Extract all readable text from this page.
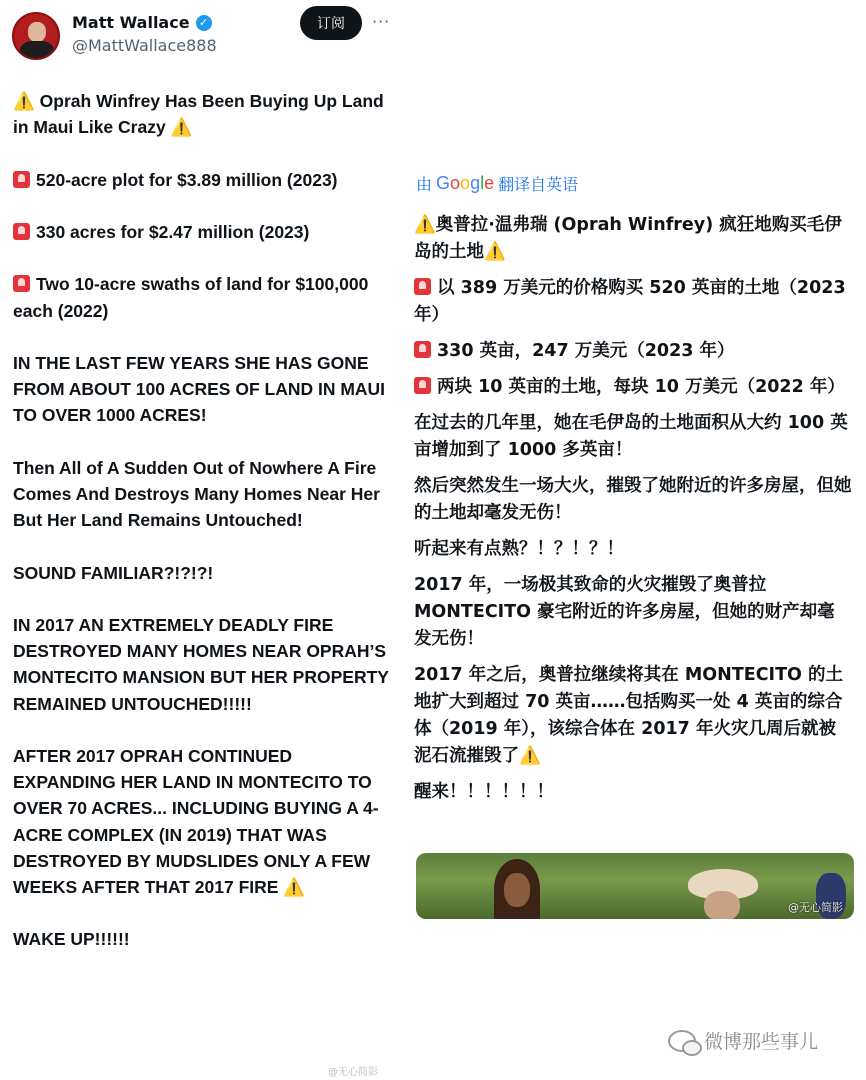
Matt Wallace ✓
@MattWallace888
订阅	···

⚠️ Oprah Winfrey Has Been Buying Up Land in Maui Like Crazy ⚠️

520-acre plot for $3.89 million (2023)

330 acres for $2.47 million (2023)

Two 10-acre swaths of land for $100,000 each (2022)

IN THE LAST FEW YEARS SHE HAS GONE FROM ABOUT 100 ACRES OF LAND IN MAUI TO OVER 1000 ACRES!

Then All of A Sudden Out of Nowhere A Fire Comes And Destroys Many Homes Near Her But Her Land Remains Untouched!

SOUND FAMILIAR?!?!?!

IN 2017 AN EXTREMELY DEADLY FIRE DESTROYED MANY HOMES NEAR OPRAH’S MONTECITO MANSION BUT HER PROPERTY REMAINED UNTOUCHED!!!!!

AFTER 2017 OPRAH CONTINUED EXPANDING HER LAND IN MONTECITO TO OVER 70 ACRES... INCLUDING BUYING A 4-ACRE COMPLEX (IN 2019) THAT WAS DESTROYED BY MUDSLIDES ONLY A FEW WEEKS AFTER THAT 2017 FIRE ⚠️

WAKE UP!!!!!!

@无心简影
由 Google 翻译自英语

⚠️奥普拉·温弗瑞 (Oprah Winfrey) 疯狂地购买毛伊岛的土地⚠️

以 389 万美元的价格购买 520 英亩的土地（2023 年）

330 英亩，247 万美元（2023 年）

两块 10 英亩的土地，每块 10 万美元（2022 年）

在过去的几年里，她在毛伊岛的土地面积从大约 100 英亩增加到了 1000 多英亩！

然后突然发生一场大火，摧毁了她附近的许多房屋，但她的土地却毫发无伤！

听起来有点熟？！？！？！

2017 年，一场极其致命的火灾摧毁了奥普拉 MONTECITO 豪宅附近的许多房屋，但她的财产却毫发无伤！

2017 年之后，奥普拉继续将其在 MONTECITO 的土地扩大到超过 70 英亩……包括购买一处 4 英亩的综合体（2019 年），该综合体在 2017 年火灾几周后就被泥石流摧毁了⚠️

醒来！！！！！！

@无心简影
微博那些事儿
